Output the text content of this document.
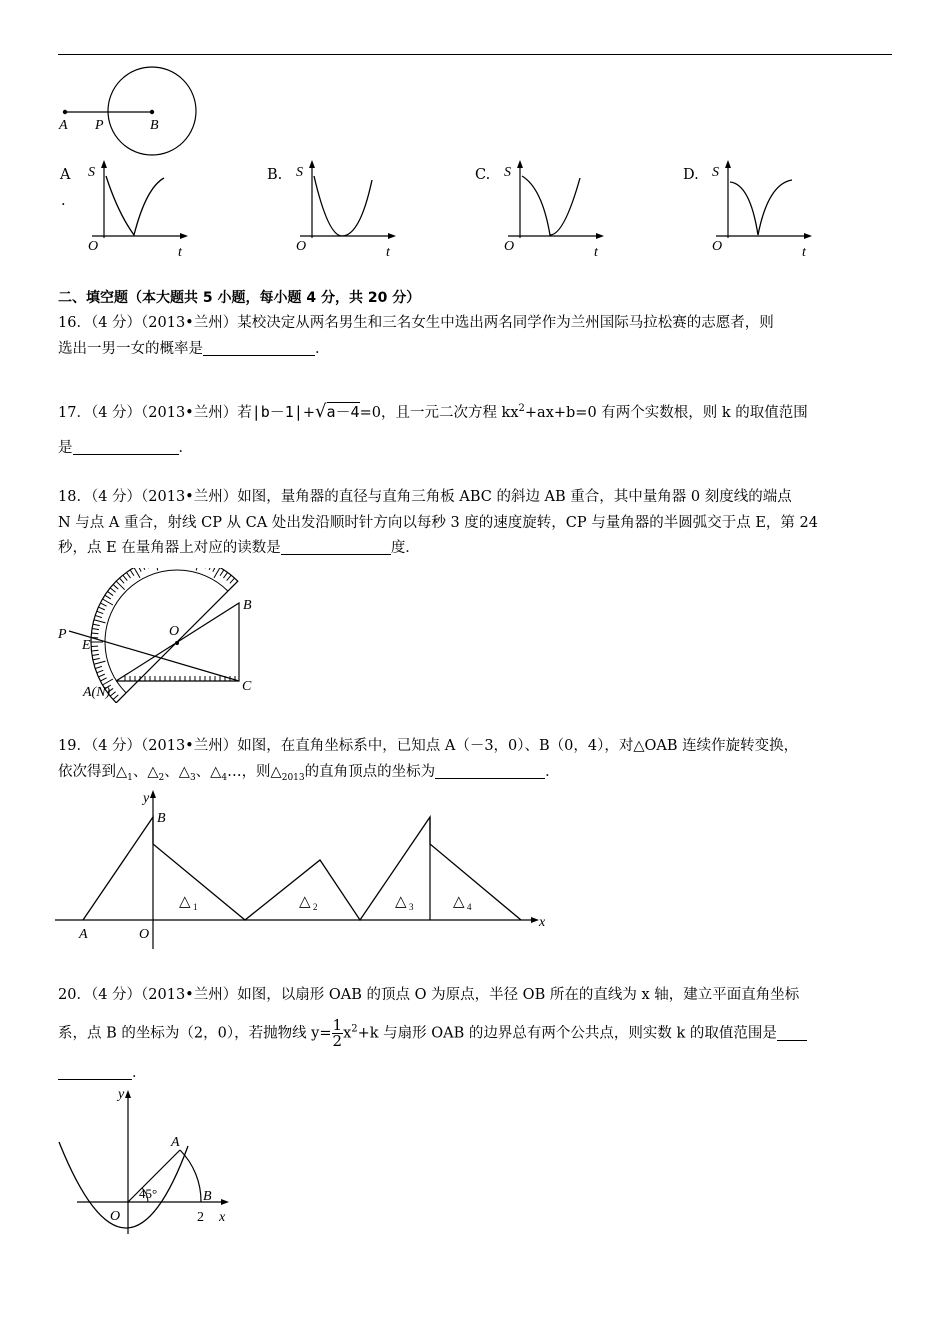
A P	B
A
.
B.	C.	D.
S
O	t
S
O	t
S
O	t
S
O	t
二、填空题（本大题共 5 小题，每小题 4 分，共 20 分）
16．（4 分）（2013•兰州）某校决定从两名男生和三名女生中选出两名同学作为兰州国际马拉松赛的志愿者，则
选出一男一女的概率是	．
17．（4 分）（2013•兰州）若|b－1|+√a－4=0，且一元二次方程 $kx^2+ax+b=0$ 有两个实数根，则 k 的取值范围
是	．
18．（4 分）（2013•兰州）如图，量角器的直径与直角三角板 ABC 的斜边 AB 重合，其中量角器 0 刻度线的端点
N 与点 A 重合，射线 CP 从 CA 处出发沿顺时针方向以每秒 3 度的速度旋转，CP 与量角器的半圆弧交于点 E，第 24
秒，点 E 在量角器上对应的读数是	度．
P
E
O
B
A(N)	C
19．（4 分）（2013•兰州）如图，在直角坐标系中，已知点 A（－3，0）、B（0，4），对△OAB 连续作旋转变换，
依次得到$\triangle_1$、$\triangle_2$、$\triangle_3$、$\triangle_4\dots$，则$\triangle_{2013}$的直角顶点的坐标为	．
y
B
A	O
x
△ 1	△ 2	△ 3	△ 4
20．（4 分）（2013•兰州）如图，以扇形 OAB 的顶点 O 为原点，半径 OB 所在的直线为 x 轴，建立平面直角坐标
系，点 B 的坐标为（2，0），若抛物线 $y= \frac{1}{2} x^2+k$ 与扇形 OAB 的边界总有两个公共点，则实数 k 的取值范围是
．
y
A
45°	B
O	2 x
